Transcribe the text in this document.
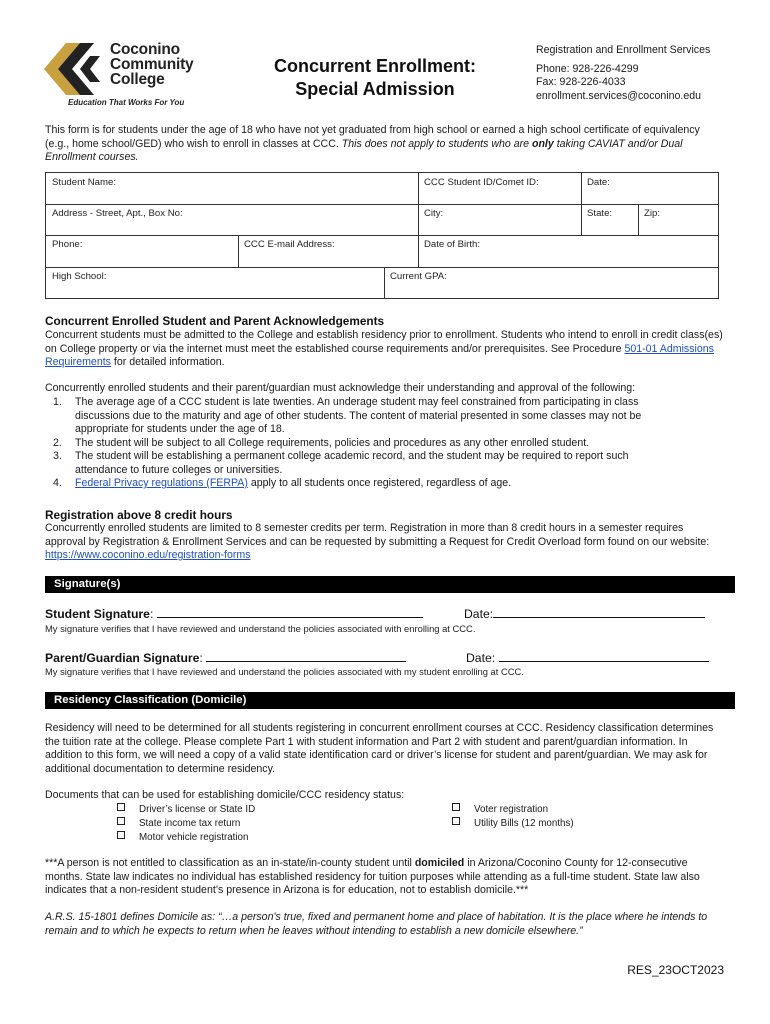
Coconino
Community
College
Education That Works For You
Concurrent Enrollment:
Special Admission
Registration and Enrollment Services
Phone: 928-226-4299
Fax: 928-226-4033
enrollment.services@coconino.edu
This form is for students under the age of 18 who have not yet graduated from high school or earned a high school certificate of equivalency (e.g., home school/GED) who wish to enroll in classes at CCC. This does not apply to students who are only taking CAVIAT and/or Dual Enrollment courses.
Student Name:	CCC Student ID/Comet ID:	Date:
Address - Street, Apt., Box No:	City:	State:	Zip:
Phone:	CCC E-mail Address:	Date of Birth:
High School:	Current GPA:
Concurrent Enrolled Student and Parent Acknowledgements
Concurrent students must be admitted to the College and establish residency prior to enrollment. Students who intend to enroll in credit class(es) on College property or via the internet must meet the established course requirements and/or prerequisites. See Procedure 501-01 Admissions Requirements for detailed information.
Concurrently enrolled students and their parent/guardian must acknowledge their understanding and approval of the following:
1. The average age of a CCC student is late twenties. An underage student may feel constrained from participating in class discussions due to the maturity and age of other students. The content of material presented in some classes may not be appropriate for students under the age of 18.
2. The student will be subject to all College requirements, policies and procedures as any other enrolled student.
3. The student will be establishing a permanent college academic record, and the student may be required to report such attendance to future colleges or universities.
4. Federal Privacy regulations (FERPA) apply to all students once registered, regardless of age.
Registration above 8 credit hours
Concurrently enrolled students are limited to 8 semester credits per term. Registration in more than 8 credit hours in a semester requires approval by Registration & Enrollment Services and can be requested by submitting a Request for Credit Overload form found on our website: https://www.coconino.edu/registration-forms
Signature(s)
Student Signature:	Date:
My signature verifies that I have reviewed and understand the policies associated with enrolling at CCC.
Parent/Guardian Signature:	Date:
My signature verifies that I have reviewed and understand the policies associated with my student enrolling at CCC.
Residency Classification (Domicile)
Residency will need to be determined for all students registering in concurrent enrollment courses at CCC. Residency classification determines the tuition rate at the college. Please complete Part 1 with student information and Part 2 with student and parent/guardian information. In addition to this form, we will need a copy of a valid state identification card or driver’s license for student and parent/guardian. We may ask for additional documentation to determine residency.
Documents that can be used for establishing domicile/CCC residency status:
Driver’s license or State ID
State income tax return
Motor vehicle registration
Voter registration
Utility Bills (12 months)
***A person is not entitled to classification as an in-state/in-county student until domiciled in Arizona/Coconino County for 12-consecutive months. State law indicates no individual has established residency for tuition purposes while attending as a full-time student. State law also indicates that a non-resident student’s presence in Arizona is for education, not to establish domicile.***
A.R.S. 15-1801 defines Domicile as: “…a person's true, fixed and permanent home and place of habitation. It is the place where he intends to remain and to which he expects to return when he leaves without intending to establish a new domicile elsewhere.”
RES_23OCT2023
